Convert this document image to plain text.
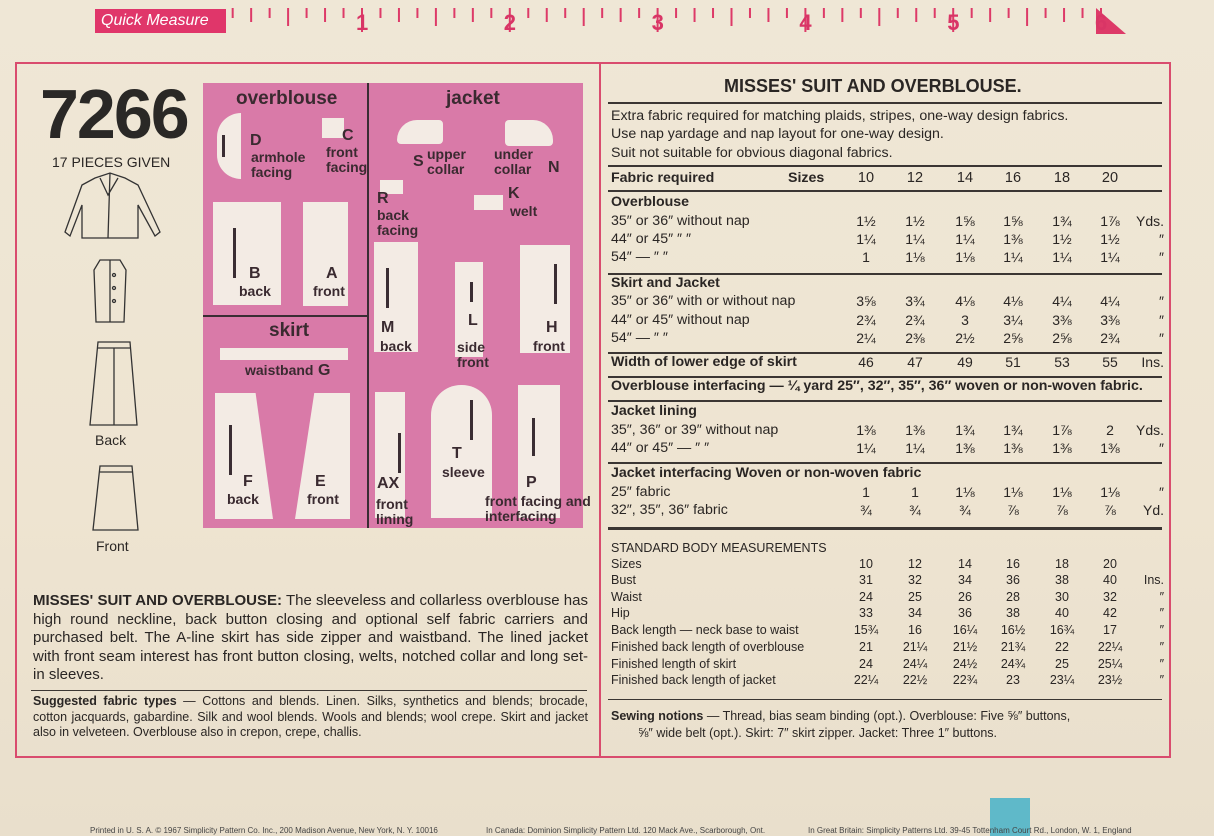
Quick Measure	1	2	3	4	5	6
7266
17 PIECES GIVEN
Back
Front
overblouse	jacket
skirt
D
armhole facing
C
front facing
B
back
A
front
waistband G
F
back
E
front
S upper collar	N
under collar
R
back facing
K
welt
M
back
L
side front
H
front
AX
front lining
T
sleeve
P
front facing and interfacing
MISSES' SUIT AND OVERBLOUSE: The sleeveless and collarless overblouse has high round neckline, back button closing and optional self fabric carriers and purchased belt. The A-line skirt has side zipper and waistband. The lined jacket with front seam interest has front button closing, welts, notched collar and long set-in sleeves.
Suggested fabric types — Cottons and blends. Linen. Silks, synthetics and blends; brocade, cotton jacquards, gabardine. Silk and wool blends. Wools and blends; wool crepe. Skirt and jacket also in velveteen. Overblouse also in crepon, crepe, challis.
MISSES' SUIT AND OVERBLOUSE.
Extra fabric required for matching plaids, stripes, one-way design fabrics.
Use nap yardage and nap layout for one-way design.
Suit not suitable for obvious diagonal fabrics.
Fabric required	Sizes	10	12	14	16	18	20
Overblouse
35″ or 36″ without nap	1½	1½	1⅝	1⅝	1¾	1⅞	Yds.
44″ or 45″ ″ ″	1¼	1¼	1¼	1⅜	1½	1½	″
54″ — ″ ″	1	1⅛	1⅛	1¼	1¼	1¼	″
Skirt and Jacket
35″ or 36″ with or without nap	3⅝	3¾	4⅛	4⅛	4¼	4¼	″
44″ or 45″ without nap	2¾	2¾	3	3¼	3⅜	3⅜	″
54″ — ″ ″	2¼	2⅜	2½	2⅝	2⅝	2¾	″
Width of lower edge of skirt	46	47	49	51	53	55	Ins.
Overblouse interfacing — ¼ yard 25″, 32″, 35″, 36″ woven or non-woven fabric.
Jacket lining
35″, 36″ or 39″ without nap	1⅜	1⅜	1¾	1¾	1⅞	2	Yds.
44″ or 45″ — ″ ″	1¼	1¼	1⅜	1⅜	1⅜	1⅜	″
Jacket interfacing Woven or non-woven fabric
25″ fabric	1	1	1⅛	1⅛	1⅛	1⅛	″
32″, 35″, 36″ fabric	¾	¾	¾	⅞	⅞	⅞	Yd.
STANDARD BODY MEASUREMENTS
Sizes	10	12	14	16	18	20
Bust	31	32	34	36	38	40	Ins.
Waist	24	25	26	28	30	32	″
Hip	33	34	36	38	40	42	″
Back length — neck base to waist	15¾	16	16¼	16½	16¾	17	″
Finished back length of overblouse	21	21¼	21½	21¾	22	22¼	″
Finished length of skirt	24	24¼	24½	24¾	25	25¼	″
Finished back length of jacket	22¼	22½	22¾	23	23¼	23½	″
Sewing notions — Thread, bias seam binding (opt.). Overblouse: Five ⅝″ buttons,
⅝″ wide belt (opt.). Skirt: 7″ skirt zipper. Jacket: Three 1″ buttons.
Printed in U. S. A. © 1967 Simplicity Pattern Co. Inc., 200 Madison Avenue, New York, N. Y. 10016	In Canada: Dominion Simplicity Pattern Ltd. 120 Mack Ave., Scarborough, Ont.	In Great Britain: Simplicity Patterns Ltd. 39-45 Tottenham Court Rd., London, W. 1, England
